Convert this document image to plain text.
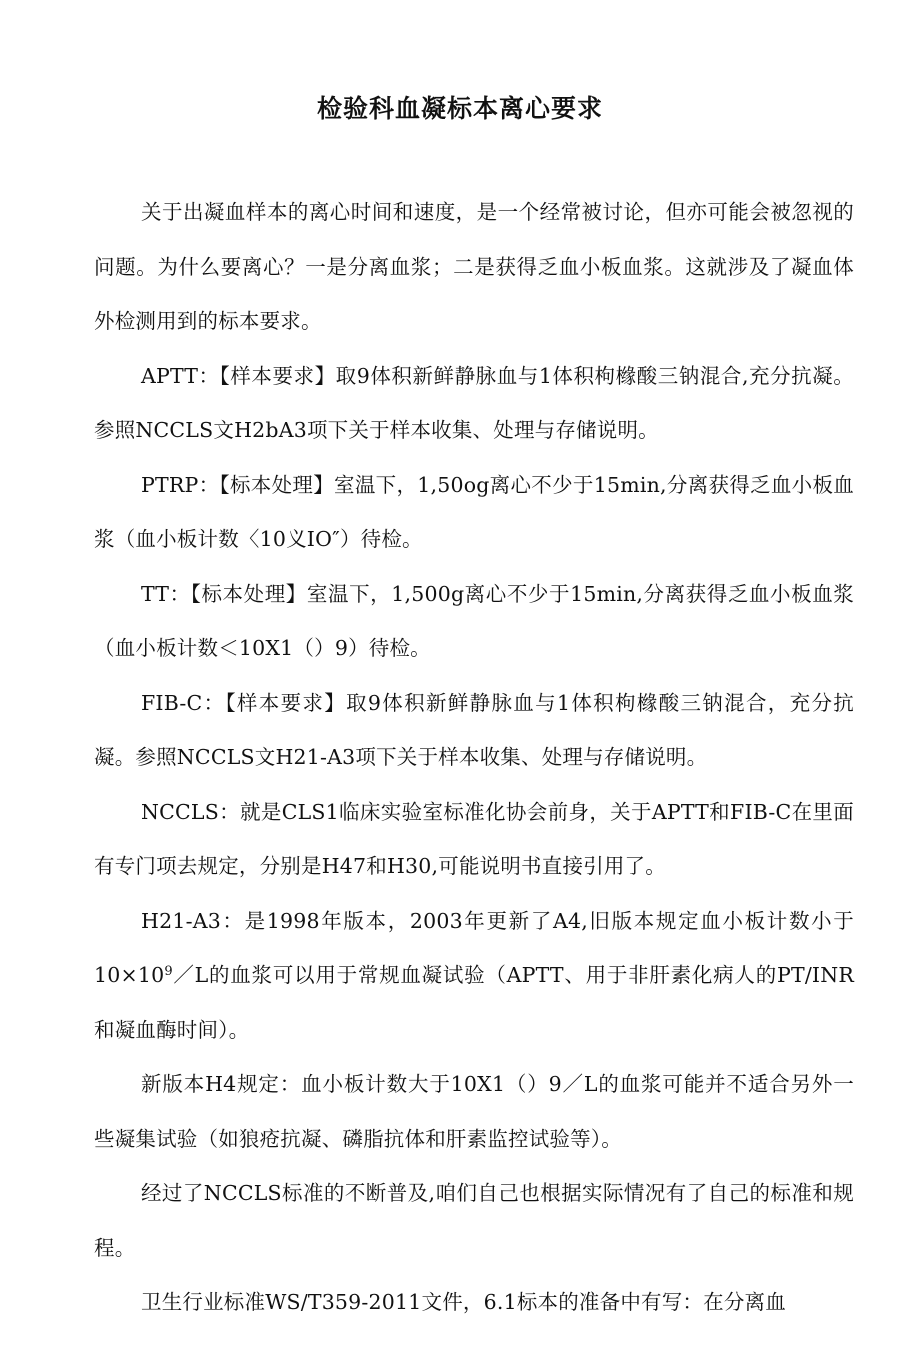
检验科血凝标本离心要求

关于出凝血样本的离心时间和速度，是一个经常被讨论，但亦可能会被忽视的问题。为什么要离心？一是分离血浆；二是获得乏血小板血浆。这就涉及了凝血体外检测用到的标本要求。

APTT：【样本要求】取9体积新鲜静脉血与1体积枸橼酸三钠混合,充分抗凝。参照NCCLS文H2bA3项下关于样本收集、处理与存储说明。

PTRP：【标本处理】室温下，1,50og离心不少于15min,分离获得乏血小板血浆（血小板计数〈10义IO″）待检。

TT：【标本处理】室温下，1,500g离心不少于15min,分离获得乏血小板血浆（血小板计数＜10X1（）9）待检。

FIB-C：【样本要求】取9体积新鲜静脉血与1体积枸橼酸三钠混合，充分抗凝。参照NCCLS文H21-A3项下关于样本收集、处理与存储说明。

NCCLS：就是CLS1临床实验室标准化协会前身，关于APTT和FIB-C在里面有专门项去规定，分别是H47和H30,可能说明书直接引用了。

H21-A3：是1998年版本，2003年更新了A4,旧版本规定血小板计数小于$10\times 10^9/L$的血浆可以用于常规血凝试验（APTT、用于非肝素化病人的PT/INR和凝血酶时间）。

新版本H4规定：血小板计数大于10X1（）9／L的血浆可能并不适合另外一些凝集试验（如狼疮抗凝、磷脂抗体和肝素监控试验等）。

经过了NCCLS标准的不断普及,咱们自己也根据实际情况有了自己的标准和规程。

卫生行业标准WS/T359-2011文件，6.1标本的准备中有写：在分离血
